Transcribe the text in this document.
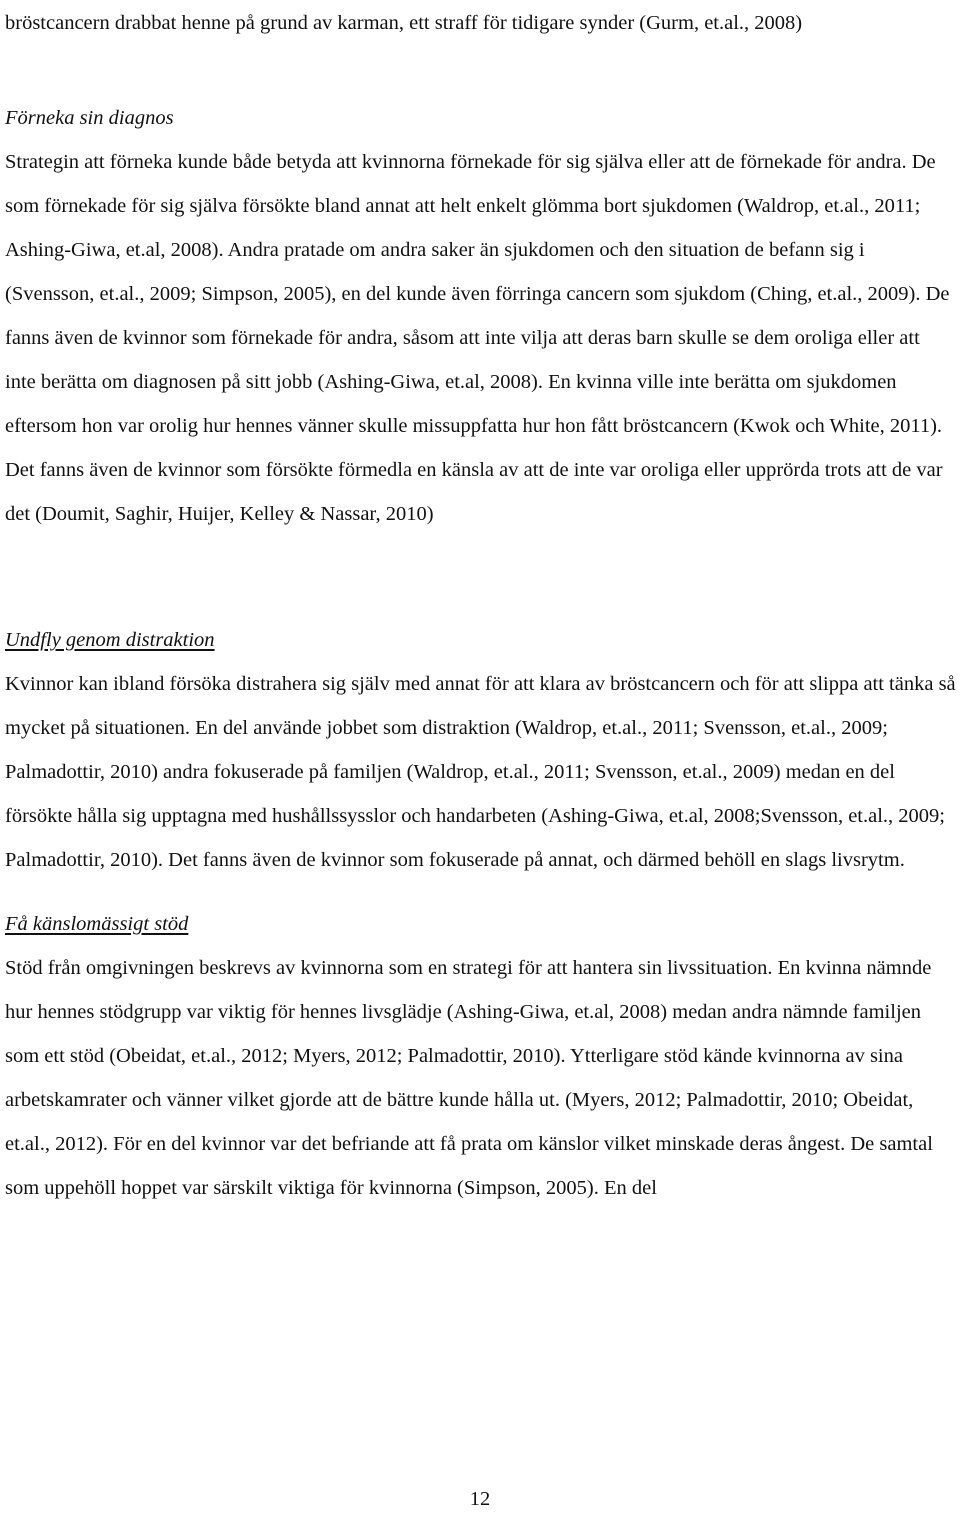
bröstcancern drabbat henne på grund av karman, ett straff för tidigare synder (Gurm, et.al., 2008)

Förneka sin diagnos

Strategin att förneka kunde både betyda att kvinnorna förnekade för sig själva eller att de förnekade för andra. De som förnekade för sig själva försökte bland annat att helt enkelt glömma bort sjukdomen (Waldrop, et.al., 2011; Ashing-Giwa, et.al, 2008). Andra pratade om andra saker än sjukdomen och den situation de befann sig i (Svensson, et.al., 2009; Simpson, 2005), en del kunde även förringa cancern som sjukdom (Ching, et.al., 2009). De fanns även de kvinnor som förnekade för andra, såsom att inte vilja att deras barn skulle se dem oroliga eller att inte berätta om diagnosen på sitt jobb (Ashing-Giwa, et.al, 2008). En kvinna ville inte berätta om sjukdomen eftersom hon var orolig hur hennes vänner skulle missuppfatta hur hon fått bröstcancern (Kwok och White, 2011). Det fanns även de kvinnor som försökte förmedla en känsla av att de inte var oroliga eller upprörda trots att de var det (Doumit, Saghir, Huijer, Kelley & Nassar, 2010)

Undfly genom distraktion

Kvinnor kan ibland försöka distrahera sig själv med annat för att klara av bröstcancern och för att slippa att tänka så mycket på situationen. En del använde jobbet som distraktion (Waldrop, et.al., 2011; Svensson, et.al., 2009; Palmadottir, 2010) andra fokuserade på familjen (Waldrop, et.al., 2011; Svensson, et.al., 2009) medan en del försökte hålla sig upptagna med hushållssysslor och handarbeten (Ashing-Giwa, et.al, 2008;Svensson, et.al., 2009; Palmadottir, 2010). Det fanns även de kvinnor som fokuserade på annat, och därmed behöll en slags livsrytm.

Få känslomässigt stöd

Stöd från omgivningen beskrevs av kvinnorna som en strategi för att hantera sin livssituation. En kvinna nämnde hur hennes stödgrupp var viktig för hennes livsglädje (Ashing-Giwa, et.al, 2008) medan andra nämnde familjen som ett stöd (Obeidat, et.al., 2012; Myers, 2012; Palmadottir, 2010). Ytterligare stöd kände kvinnorna av sina arbetskamrater och vänner vilket gjorde att de bättre kunde hålla ut. (Myers, 2012; Palmadottir, 2010; Obeidat, et.al., 2012). För en del kvinnor var det befriande att få prata om känslor vilket minskade deras ångest. De samtal som uppehöll hoppet var särskilt viktiga för kvinnorna (Simpson, 2005). En del

12
